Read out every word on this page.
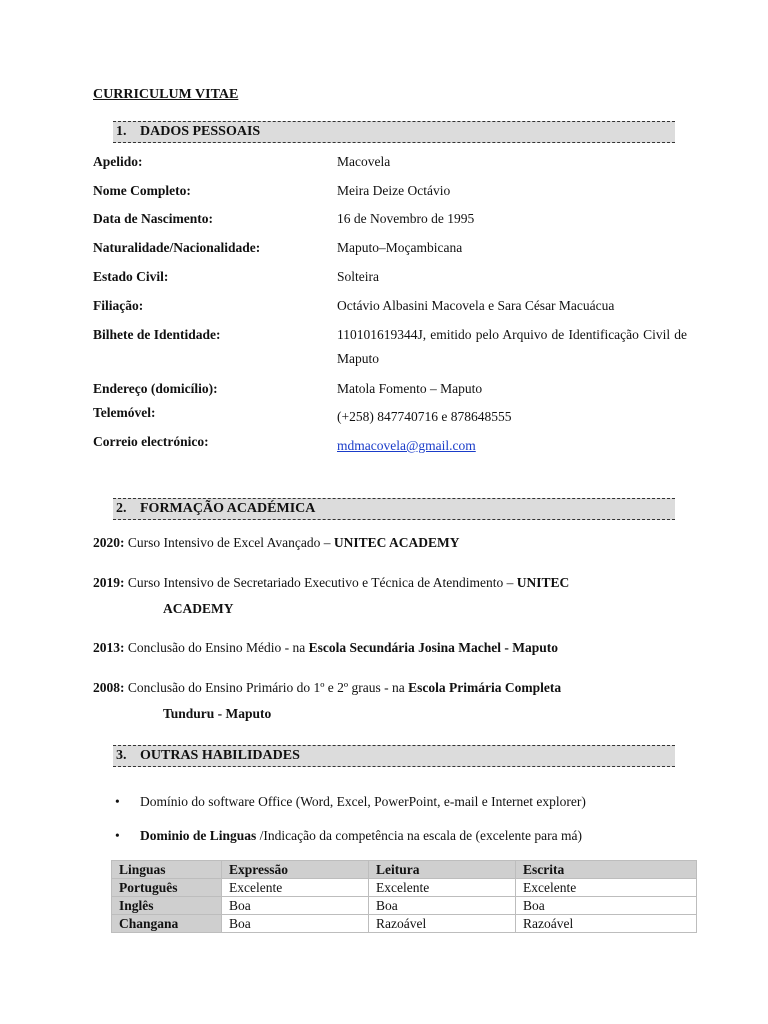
CURRICULUM VITAE
1. DADOS PESSOAIS
Apelido:	Macovela
Nome Completo:	Meira Deize Octávio
Data de Nascimento:	16 de Novembro de 1995
Naturalidade/Nacionalidade:	Maputo–Moçambicana
Estado Civil:	Solteira
Filiação:	Octávio Albasini Macovela e Sara César Macuácua
Bilhete de Identidade:	110101619344J, emitido pelo Arquivo de Identificação Civil de Maputo
Endereço (domicílio):	Matola Fomento – Maputo
Telemóvel:	(+258) 847740716 e 878648555
Correio electrónico:	mdmacovela@gmail.com
2. FORMAÇÃO ACADÉMICA
2020: Curso Intensivo de Excel Avançado – UNITEC ACADEMY
2019: Curso Intensivo de Secretariado Executivo e Técnica de Atendimento – UNITEC
ACADEMY
2013: Conclusão do Ensino Médio - na Escola Secundária Josina Machel - Maputo
2008: Conclusão do Ensino Primário do 1º e 2º graus - na Escola Primária Completa
Tunduru - Maputo
3. OUTRAS HABILIDADES
• Domínio do software Office (Word, Excel, PowerPoint, e-mail e Internet explorer)
• Dominio de Linguas /Indicação da competência na escala de (excelente para má)
Linguas	Expressão	Leitura	Escrita
Português	Excelente	Excelente	Excelente
Inglês	Boa	Boa	Boa
Changana	Boa	Razoável	Razoável
